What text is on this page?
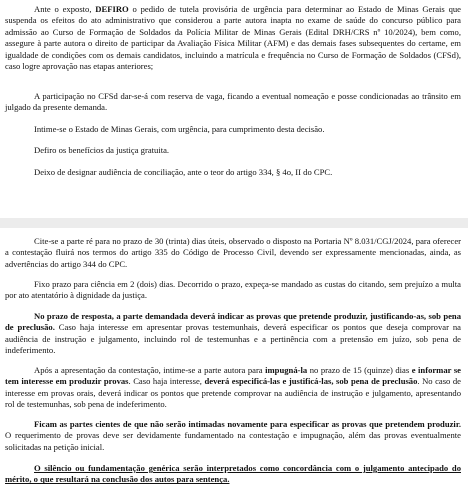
Ante o exposto, DEFIRO o pedido de tutela provisória de urgência para determinar ao Estado de Minas Gerais que suspenda os efeitos do ato administrativo que considerou a parte autora inapta no exame de saúde do concurso público para admissão ao Curso de Formação de Soldados da Polícia Militar de Minas Gerais (Edital DRH/CRS nº 10/2024), bem como, assegure à parte autora o direito de participar da Avaliação Física Militar (AFM) e das demais fases subsequentes do certame, em igualdade de condições com os demais candidatos, incluindo a matrícula e frequência no Curso de Formação de Soldados (CFSd), caso logre aprovação nas etapas anteriores;

A participação no CFSd dar-se-á com reserva de vaga, ficando a eventual nomeação e posse condicionadas ao trânsito em julgado da presente demanda.

Intime-se o Estado de Minas Gerais, com urgência, para cumprimento desta decisão.

Defiro os benefícios da justiça gratuita.

Deixo de designar audiência de conciliação, ante o teor do artigo 334, § 4o, II do CPC.

Cite-se a parte ré para no prazo de 30 (trinta) dias úteis, observado o disposto na Portaria Nº 8.031/CGJ/2024, para oferecer a contestação fluirá nos termos do artigo 335 do Código de Processo Civil, devendo ser expressamente mencionadas, ainda, as advertências do artigo 344 do CPC.

Fixo prazo para ciência em 2 (dois) dias. Decorrido o prazo, expeça-se mandado as custas do citando, sem prejuízo a multa por ato atentatório à dignidade da justiça.

No prazo de resposta, a parte demandada deverá indicar as provas que pretende produzir, justificando-as, sob pena de preclusão. Caso haja interesse em apresentar provas testemunhais, deverá especificar os pontos que deseja comprovar na audiência de instrução e julgamento, incluindo rol de testemunhas e a pertinência com a pretensão em juízo, sob pena de indeferimento.

Após a apresentação da contestação, intime-se a parte autora para impugná-la no prazo de 15 (quinze) dias e informar se tem interesse em produzir provas. Caso haja interesse, deverá especificá-las e justificá-las, sob pena de preclusão. No caso de interesse em provas orais, deverá indicar os pontos que pretende comprovar na audiência de instrução e julgamento, apresentando rol de testemunhas, sob pena de indeferimento.

Ficam as partes cientes de que não serão intimadas novamente para especificar as provas que pretendem produzir. O requerimento de provas deve ser devidamente fundamentado na contestação e impugnação, além das provas eventualmente solicitadas na petição inicial.

O silêncio ou fundamentação genérica serão interpretados como concordância com o julgamento antecipado do mérito, o que resultará na conclusão dos autos para sentença.
